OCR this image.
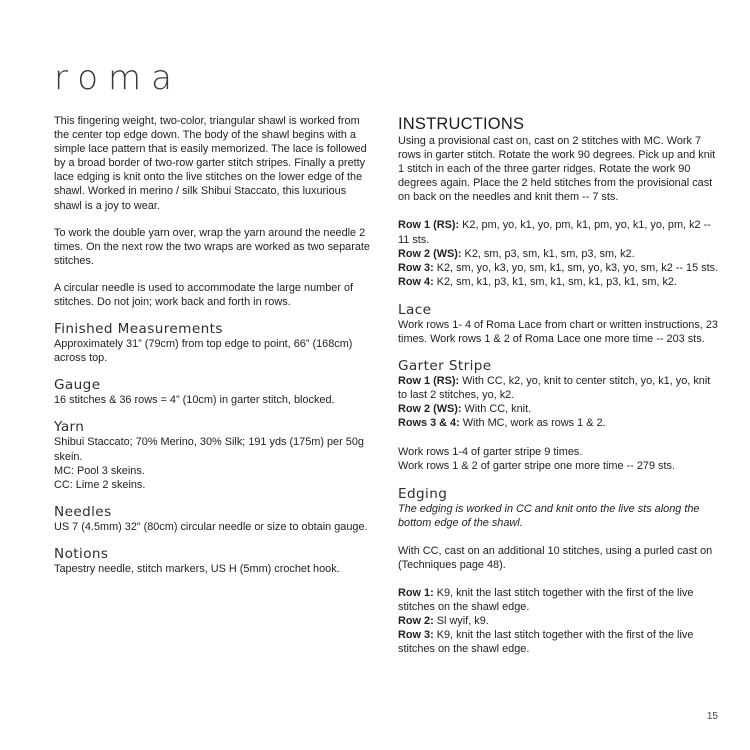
roma

This fingering weight, two-color, triangular shawl is worked from the center top edge down. The body of the shawl begins with a simple lace pattern that is easily memorized. The lace is followed by a broad border of two-row garter stitch stripes. Finally a pretty lace edging is knit onto the live stitches on the lower edge of the shawl. Worked in merino / silk Shibui Staccato, this luxurious shawl is a joy to wear.

To work the double yarn over, wrap the yarn around the needle 2 times. On the next row the two wraps are worked as two separate stitches.

A circular needle is used to accommodate the large number of stitches. Do not join; work back and forth in rows.

Finished Measurements

Approximately 31” (79cm) from top edge to point, 66” (168cm) across top.

Gauge

16 stitches & 36 rows = 4” (10cm) in garter stitch, blocked.

Yarn

Shibui Staccato; 70% Merino, 30% Silk; 191 yds (175m) per 50g skein.

MC: Pool 3 skeins.

CC: Lime 2 skeins.

Needles

US 7 (4.5mm) 32” (80cm) circular needle or size to obtain gauge.

Notions

Tapestry needle, stitch markers, US H (5mm) crochet hook.

INSTRUCTIONS

Using a provisional cast on, cast on 2 stitches with MC. Work 7 rows in garter stitch. Rotate the work 90 degrees. Pick up and knit 1 stitch in each of the three garter ridges. Rotate the work 90 degrees again. Place the 2 held stitches from the provisional cast on back on the needles and knit them -- 7 sts.

Row 1 (RS): K2, pm, yo, k1, yo, pm, k1, pm, yo, k1, yo, pm, k2 -- 11 sts.

Row 2 (WS): K2, sm, p3, sm, k1, sm, p3, sm, k2.

Row 3: K2, sm, yo, k3, yo, sm, k1, sm, yo, k3, yo, sm, k2 -- 15 sts.

Row 4: K2, sm, k1, p3, k1, sm, k1, sm, k1, p3, k1, sm, k2.

Lace

Work rows 1- 4 of Roma Lace from chart or written instructions, 23 times. Work rows 1 & 2 of Roma Lace one more time -- 203 sts.

Garter Stripe

Row 1 (RS): With CC, k2, yo, knit to center stitch, yo, k1, yo, knit to last 2 stitches, yo, k2.

Row 2 (WS): With CC, knit.

Rows 3 & 4: With MC, work as rows 1 & 2.

Work rows 1-4 of garter stripe 9 times.

Work rows 1 & 2 of garter stripe one more time -- 279 sts.

Edging

The edging is worked in CC and knit onto the live sts along the bottom edge of the shawl.

With CC, cast on an additional 10 stitches, using a purled cast on (Techniques page 48).

Row 1: K9, knit the last stitch together with the first of the live stitches on the shawl edge.

Row 2: Sl wyif, k9.

Row 3: K9, knit the last stitch together with the first of the live stitches on the shawl edge.

15
